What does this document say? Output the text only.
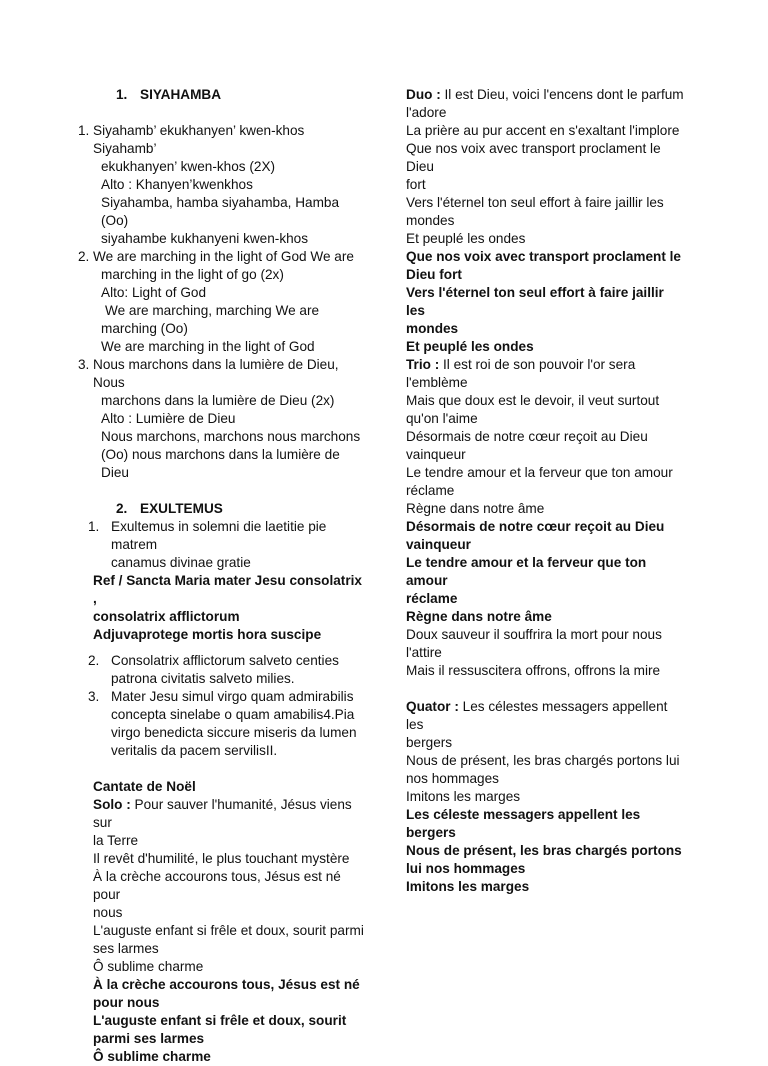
1. SIYAHAMBA

1. Siyahamb’ ekukhanyen’ kwen-khos Siyahamb’
ekukhanyen’ kwen-khos (2X)
Alto : Khanyen’kwenkhos
Siyahamba, hamba siyahamba, Hamba (Oo)
siyahambe kukhanyeni kwen-khos
2. We are marching in the light of God We are
marching in the light of go (2x)
Alto: Light of God
We are marching, marching We are
marching (Oo)
We are marching in the light of God
3. Nous marchons dans la lumière de Dieu, Nous
marchons dans la lumière de Dieu (2x)
Alto : Lumière de Dieu
Nous marchons, marchons nous marchons
(Oo) nous marchons dans la lumière de Dieu

2. EXULTEMUS

1. Exultemus in solemni die laetitie pie matrem
canamus divinae gratie

Ref / Sancta Maria mater Jesu consolatrix ,

consolatrix afflictorum

Adjuvaprotege mortis hora suscipe

2. Consolatrix afflictorum salveto centies
patrona civitatis salveto milies.
3. Mater Jesu simul virgo quam admirabilis
concepta sinelabe o quam amabilis4.Pia
virgo benedicta siccure miseris da lumen
veritalis da pacem servilisII.

Cantate de Noël

Solo : Pour sauver l'humanité, Jésus viens sur

la Terre

Il revêt d'humilité, le plus touchant mystère

À la crèche accourons tous, Jésus est né pour

nous

L'auguste enfant si frêle et doux, sourit parmi

ses larmes

Ô sublime charme

À la crèche accourons tous, Jésus est né

pour nous

L'auguste enfant si frêle et doux, sourit

parmi ses larmes

Ô sublime charme

Duo : Il est Dieu, voici l'encens dont le parfum

l'adore

La prière au pur accent en s'exaltant l'implore

Que nos voix avec transport proclament le Dieu

fort

Vers l'éternel ton seul effort à faire jaillir les

mondes

Et peuplé les ondes

Que nos voix avec transport proclament le

Dieu fort

Vers l'éternel ton seul effort à faire jaillir les

mondes

Et peuplé les ondes

Trio : Il est roi de son pouvoir l'or sera

l'emblème

Mais que doux est le devoir, il veut surtout

qu'on l'aime

Désormais de notre cœur reçoit au Dieu

vainqueur

Le tendre amour et la ferveur que ton amour

réclame

Règne dans notre âme

Désormais de notre cœur reçoit au Dieu

vainqueur

Le tendre amour et la ferveur que ton amour

réclame

Règne dans notre âme

Doux sauveur il souffrira la mort pour nous

l'attire

Mais il ressuscitera offrons, offrons la mire

Quator : Les célestes messagers appellent les

bergers

Nous de présent, les bras chargés portons lui

nos hommages

Imitons les marges

Les céleste messagers appellent les

bergers

Nous de présent, les bras chargés portons

lui nos hommages

Imitons les marges
